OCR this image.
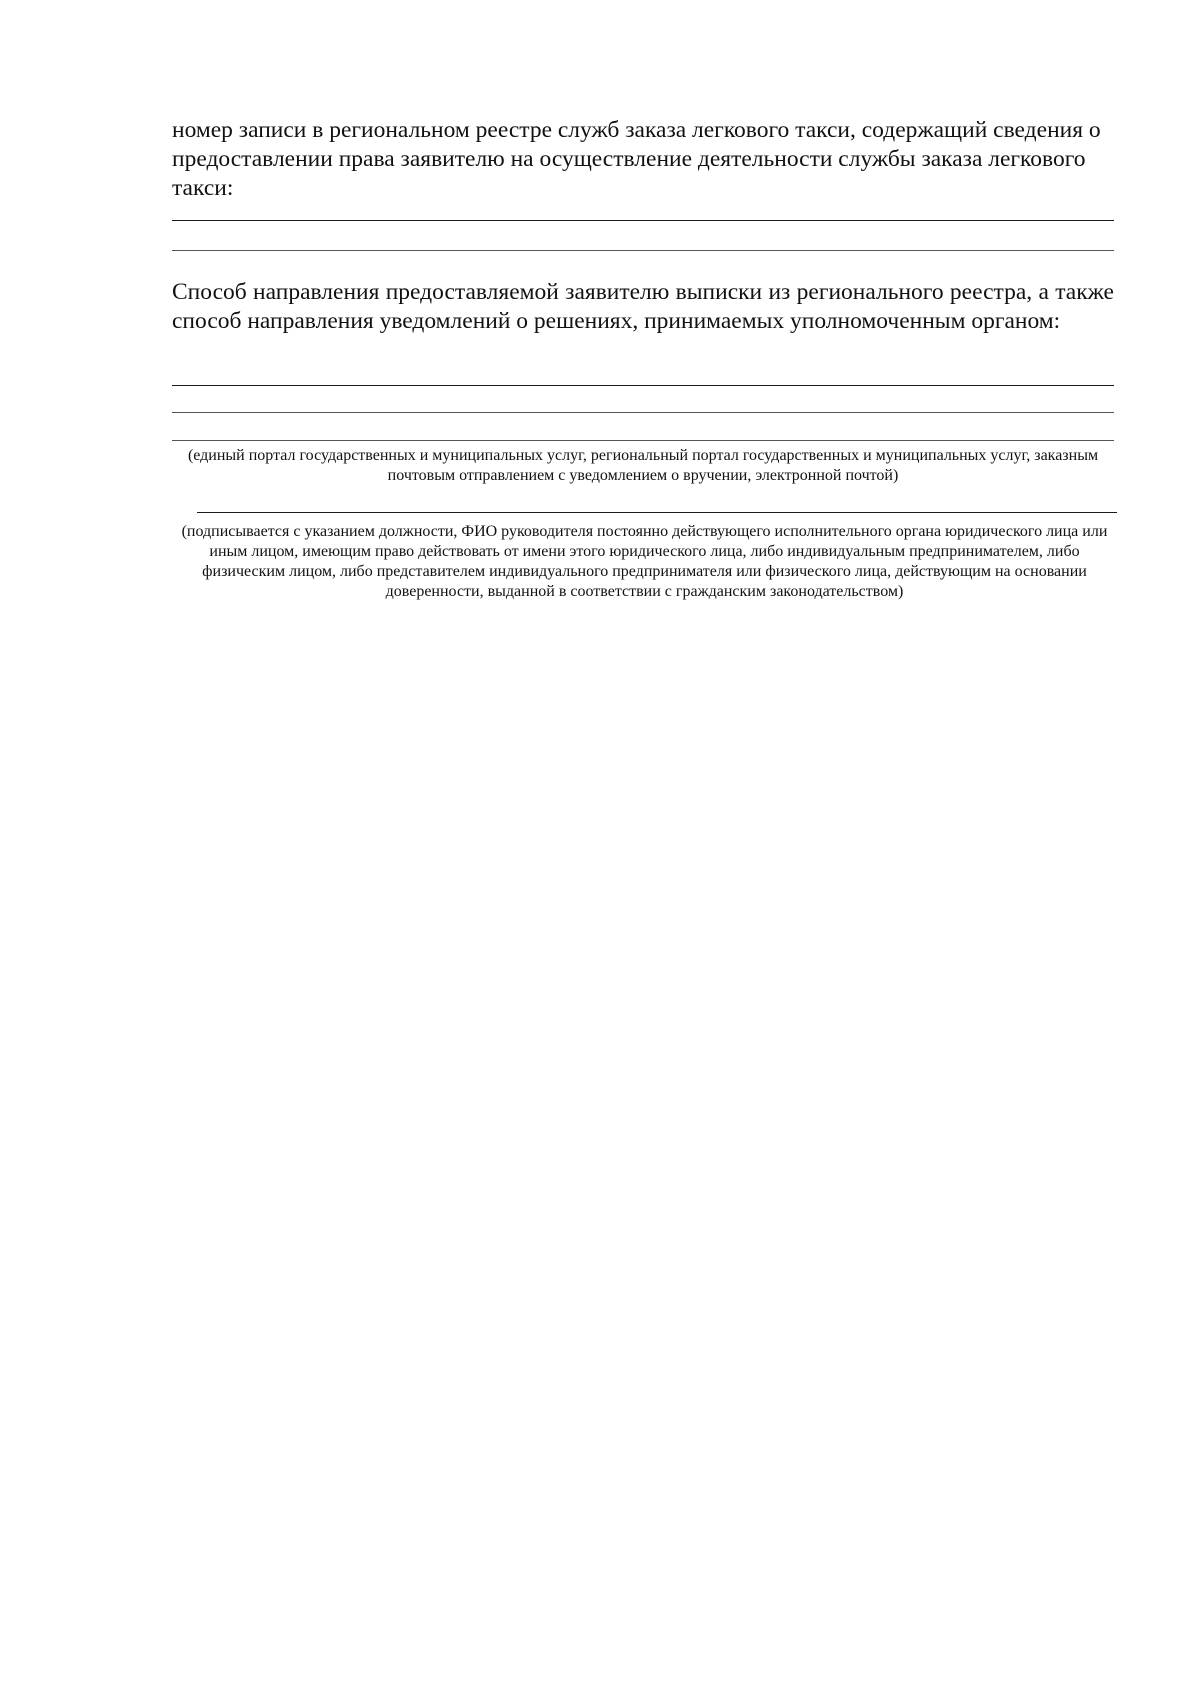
номер записи в региональном реестре служб заказа легкового такси, содержащий сведения о предоставлении права заявителю на осуществление деятельности службы заказа легкового такси:
Способ направления предоставляемой заявителю выписки из регионального реестра, а также способ направления уведомлений о решениях, принимаемых уполномоченным органом:
(единый портал государственных и муниципальных услуг, региональный портал государственных и муниципальных услуг, заказным почтовым отправлением с уведомлением о вручении, электронной почтой)
(подписывается с указанием должности, ФИО руководителя постоянно действующего исполнительного органа юридического лица или иным лицом, имеющим право действовать от имени этого юридического лица, либо индивидуальным предпринимателем, либо физическим лицом, либо представителем индивидуального предпринимателя или физического лица, действующим на основании доверенности, выданной в соответствии с гражданским законодательством)
